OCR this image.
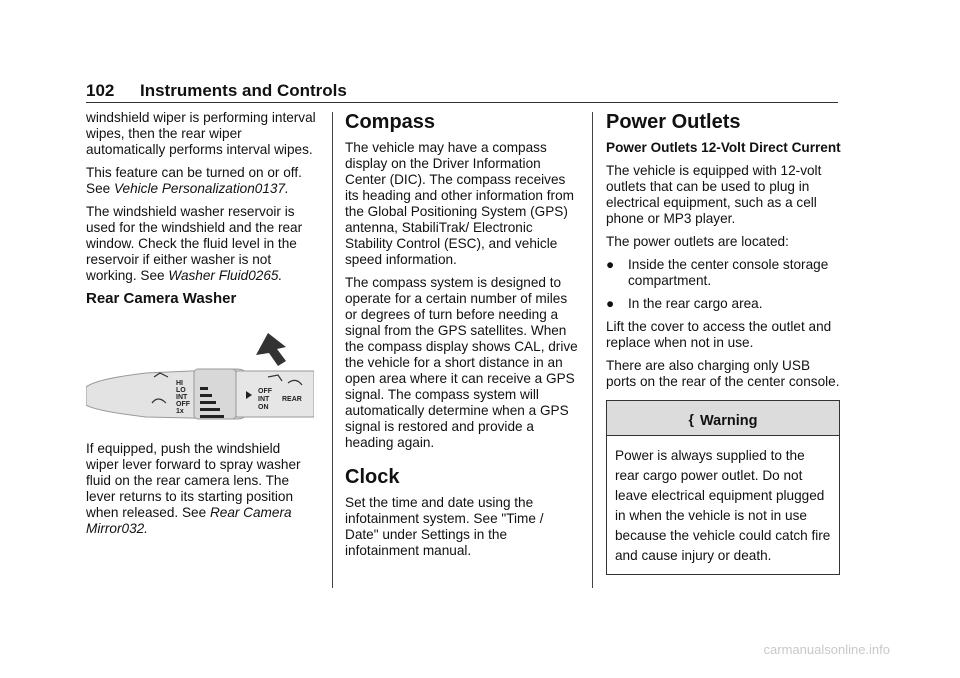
102 Instruments and Controls

windshield wiper is performing interval wipes, then the rear wiper automatically performs interval wipes.

This feature can be turned on or off. See Vehicle Personalization0137.

The windshield washer reservoir is used for the windshield and the rear window. Check the fluid level in the reservoir if either washer is not working. See Washer Fluid0265.

Rear Camera Washer
HI
LO
INT
OFF
1x
OFF
INT
ON
REAR

If equipped, push the windshield wiper lever forward to spray washer fluid on the rear camera lens. The lever returns to its starting position when released. See Rear Camera Mirror032.

Compass

The vehicle may have a compass display on the Driver Information Center (DIC). The compass receives its heading and other information from the Global Positioning System (GPS) antenna, StabiliTrak/ Electronic Stability Control (ESC), and vehicle speed information.

The compass system is designed to operate for a certain number of miles or degrees of turn before needing a signal from the GPS satellites. When the compass display shows CAL, drive the vehicle for a short distance in an open area where it can receive a GPS signal. The compass system will automatically determine when a GPS signal is restored and provide a heading again.

Clock

Set the time and date using the infotainment system. See "Time / Date" under Settings in the infotainment manual.

Power Outlets
Power Outlets 12-Volt Direct Current

The vehicle is equipped with 12-volt outlets that can be used to plug in electrical equipment, such as a cell phone or MP3 player.

The power outlets are located:

●	Inside the center console storage compartment.
●	In the rear cargo area.

Lift the cover to access the outlet and replace when not in use.

There are also charging only USB ports on the rear of the center console.

{ Warning
Power is always supplied to the rear cargo power outlet. Do not leave electrical equipment plugged in when the vehicle is not in use because the vehicle could catch fire and cause injury or death.
carmanualsonline.info
